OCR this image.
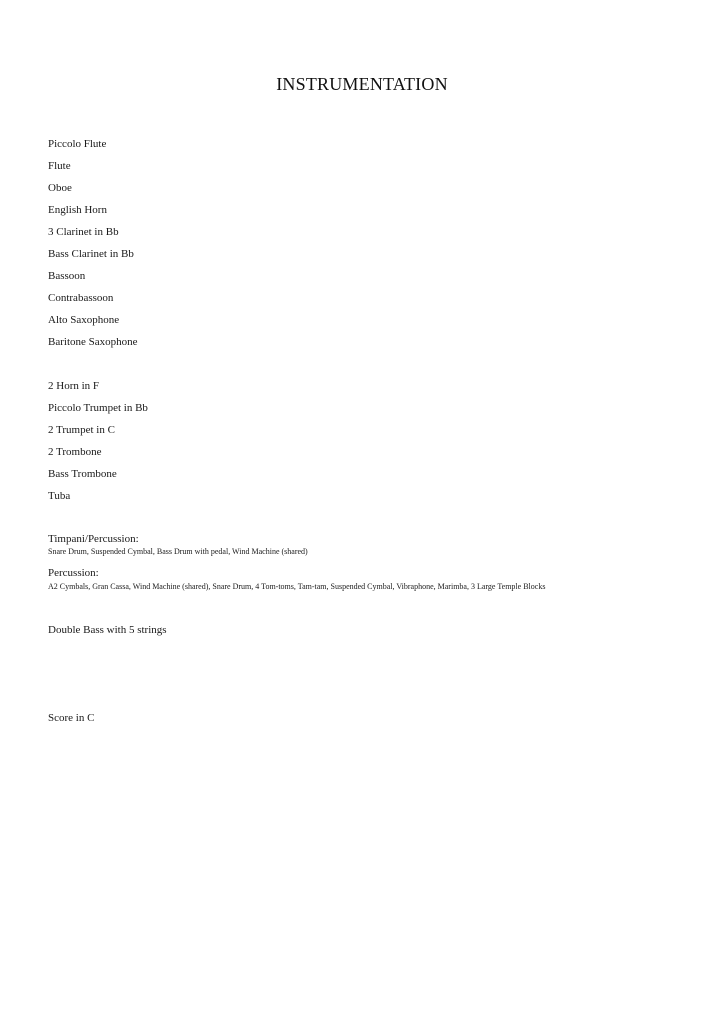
INSTRUMENTATION
Piccolo Flute
Flute
Oboe
English Horn
3 Clarinet in Bb
Bass Clarinet in Bb
Bassoon
Contrabassoon
Alto Saxophone
Baritone Saxophone
2 Horn in F
Piccolo Trumpet in Bb
2 Trumpet in C
2 Trombone
Bass Trombone
Tuba
Timpani/Percussion:
Snare Drum, Suspended Cymbal, Bass Drum with pedal, Wind Machine (shared)
Percussion:
A2 Cymbals, Gran Cassa, Wind Machine (shared), Snare Drum, 4 Tom-toms, Tam-tam, Suspended Cymbal, Vibraphone, Marimba, 3 Large Temple Blocks
Double Bass with 5 strings
Score in C
